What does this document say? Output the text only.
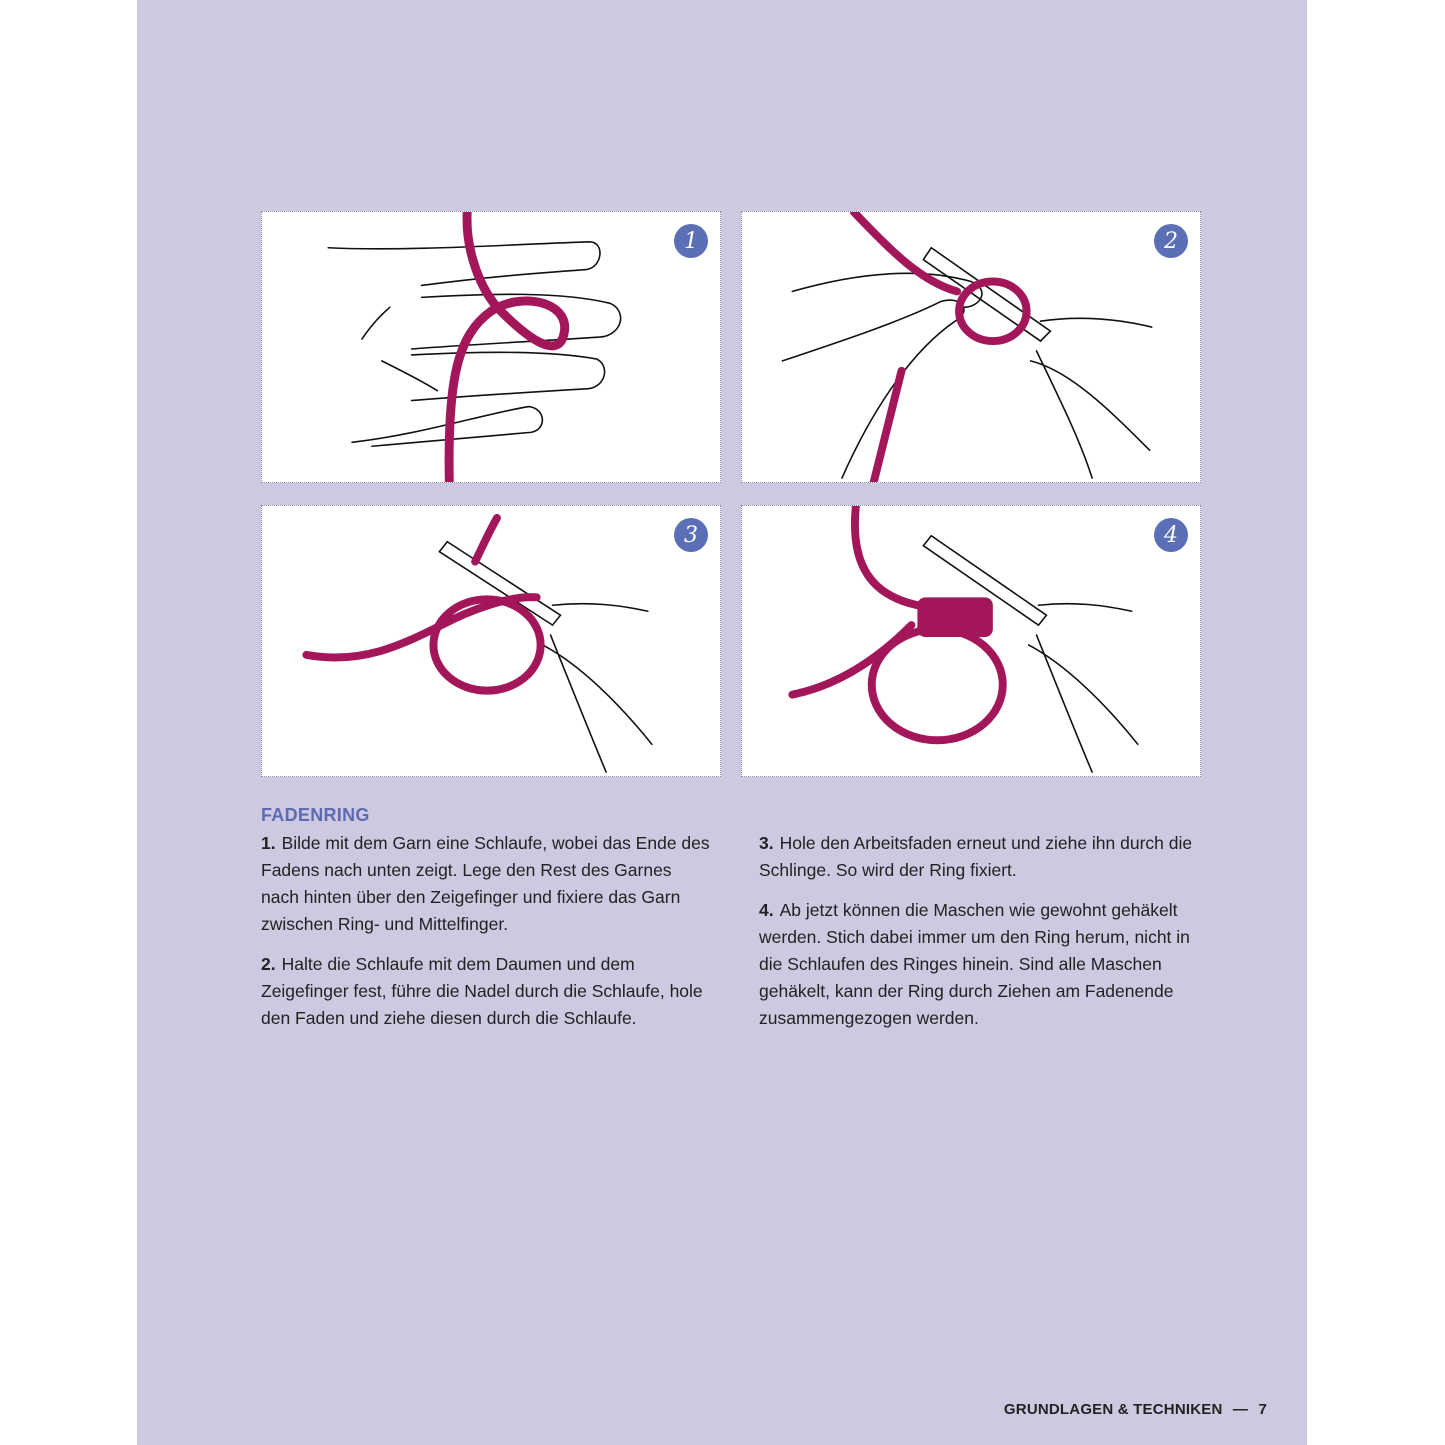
1	2
3	4
FADENRING

1. Bilde mit dem Garn eine Schlaufe, wobei das Ende des Fadens nach unten zeigt. Lege den Rest des Garnes nach hinten über den Zeigefinger und fixiere das Garn zwischen Ring- und Mittelfinger.

2. Halte die Schlaufe mit dem Daumen und dem Zeigefinger fest, führe die Nadel durch die Schlaufe, hole den Faden und ziehe diesen durch die Schlaufe.

3. Hole den Arbeitsfaden erneut und ziehe ihn durch die Schlinge. So wird der Ring fixiert.

4. Ab jetzt können die Maschen wie gewohnt gehäkelt werden. Stich dabei immer um den Ring herum, nicht in die Schlaufen des Ringes hinein. Sind alle Maschen gehäkelt, kann der Ring durch Ziehen am Fadenende zusammengezogen werden.

GRUNDLAGEN & TECHNIKEN — 7
